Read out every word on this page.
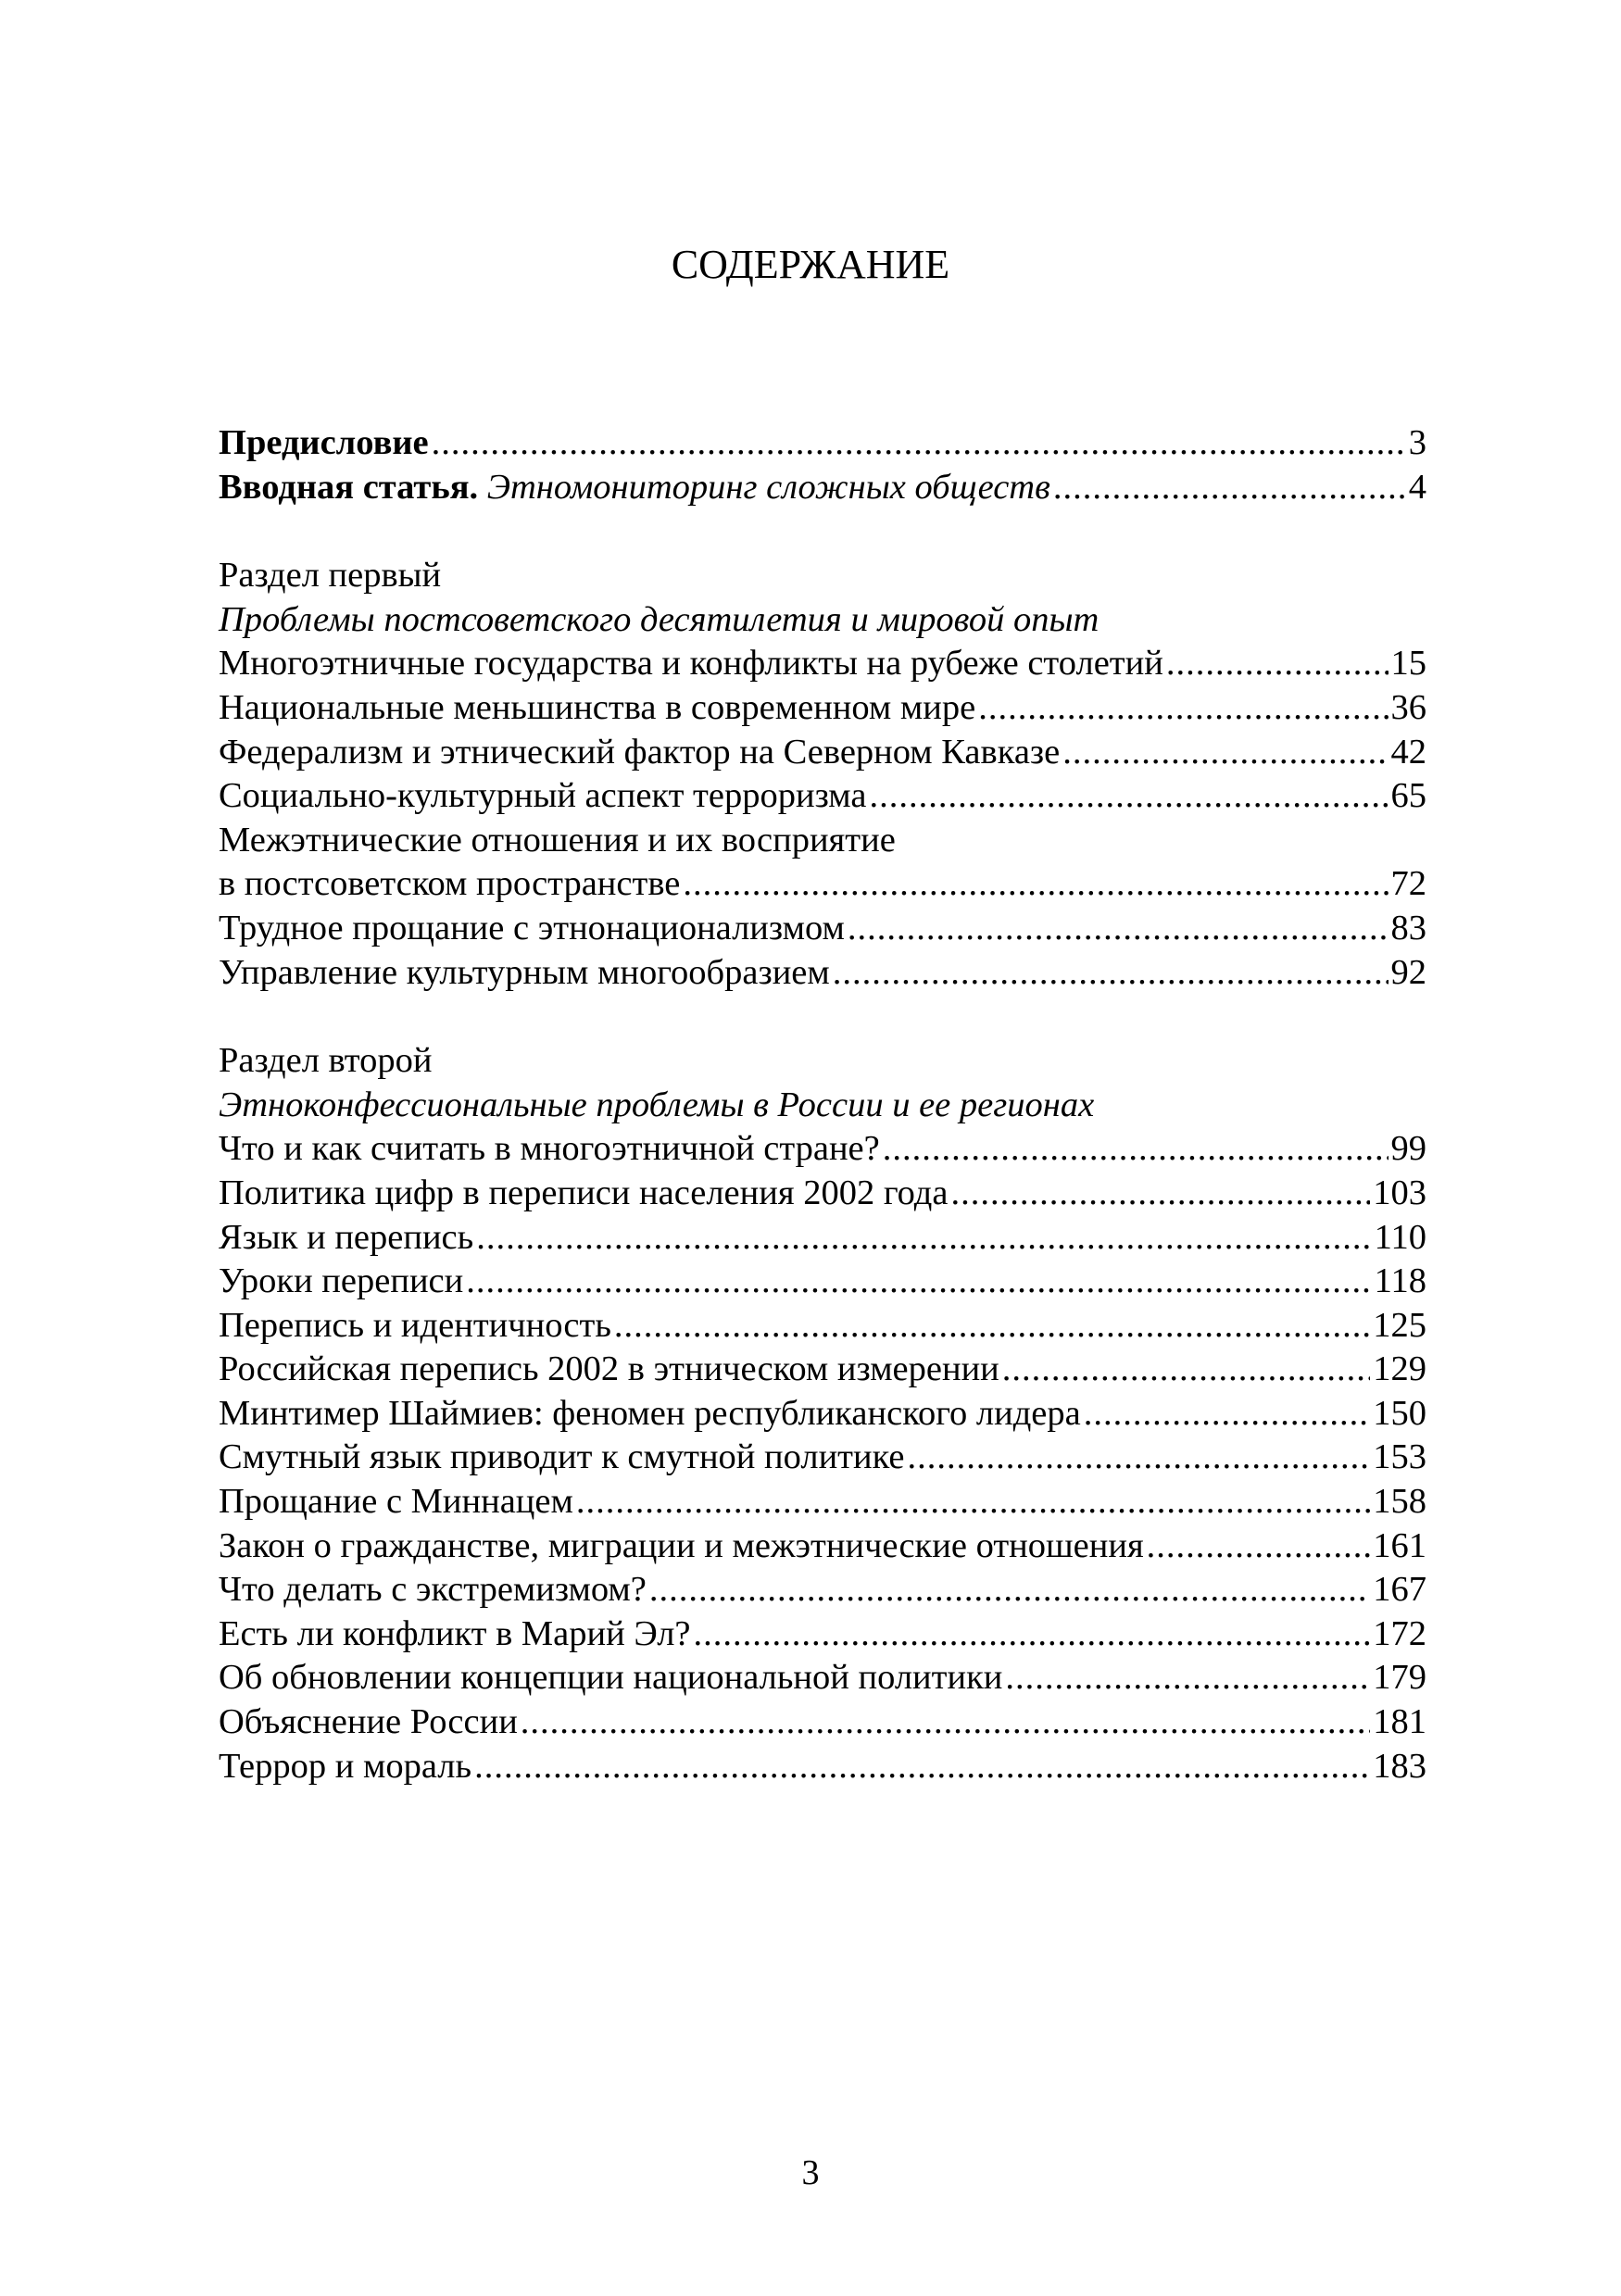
СОДЕРЖАНИЕ
Предисловие .....	3
Вводная статья. Этномониторинг сложных обществ .....	4
Раздел первый
Проблемы постсоветского десятилетия и мировой опыт
Многоэтничные государства и конфликты на рубеже столетий .....	15
Национальные меньшинства в современном мире .....	36
Федерализм и этнический фактор на Северном Кавказе .....	42
Социально-культурный аспект терроризма .....	65
Межэтнические отношения и их восприятие
в постсоветском пространстве .....	72
Трудное прощание с этнонационализмом .....	83
Управление культурным многообразием .....	92
Раздел второй
Этноконфессиональные проблемы в России и ее регионах
Что и как считать в многоэтничной стране? .....	99
Политика цифр в переписи населения 2002 года .....	103
Язык и перепись .....	110
Уроки переписи .....	118
Перепись и идентичность .....	125
Российская перепись 2002 в этническом измерении .....	129
Минтимер Шаймиев: феномен республиканского лидера .....	150
Смутный язык приводит к смутной политике .....	153
Прощание с Миннацем .....	158
Закон о гражданстве, миграции и межэтнические отношения .....	161
Что делать с экстремизмом? .....	167
Есть ли конфликт в Марий Эл? .....	172
Об обновлении концепции национальной политики .....	179
Объяснение России .....	181
Террор и мораль .....	183
3
